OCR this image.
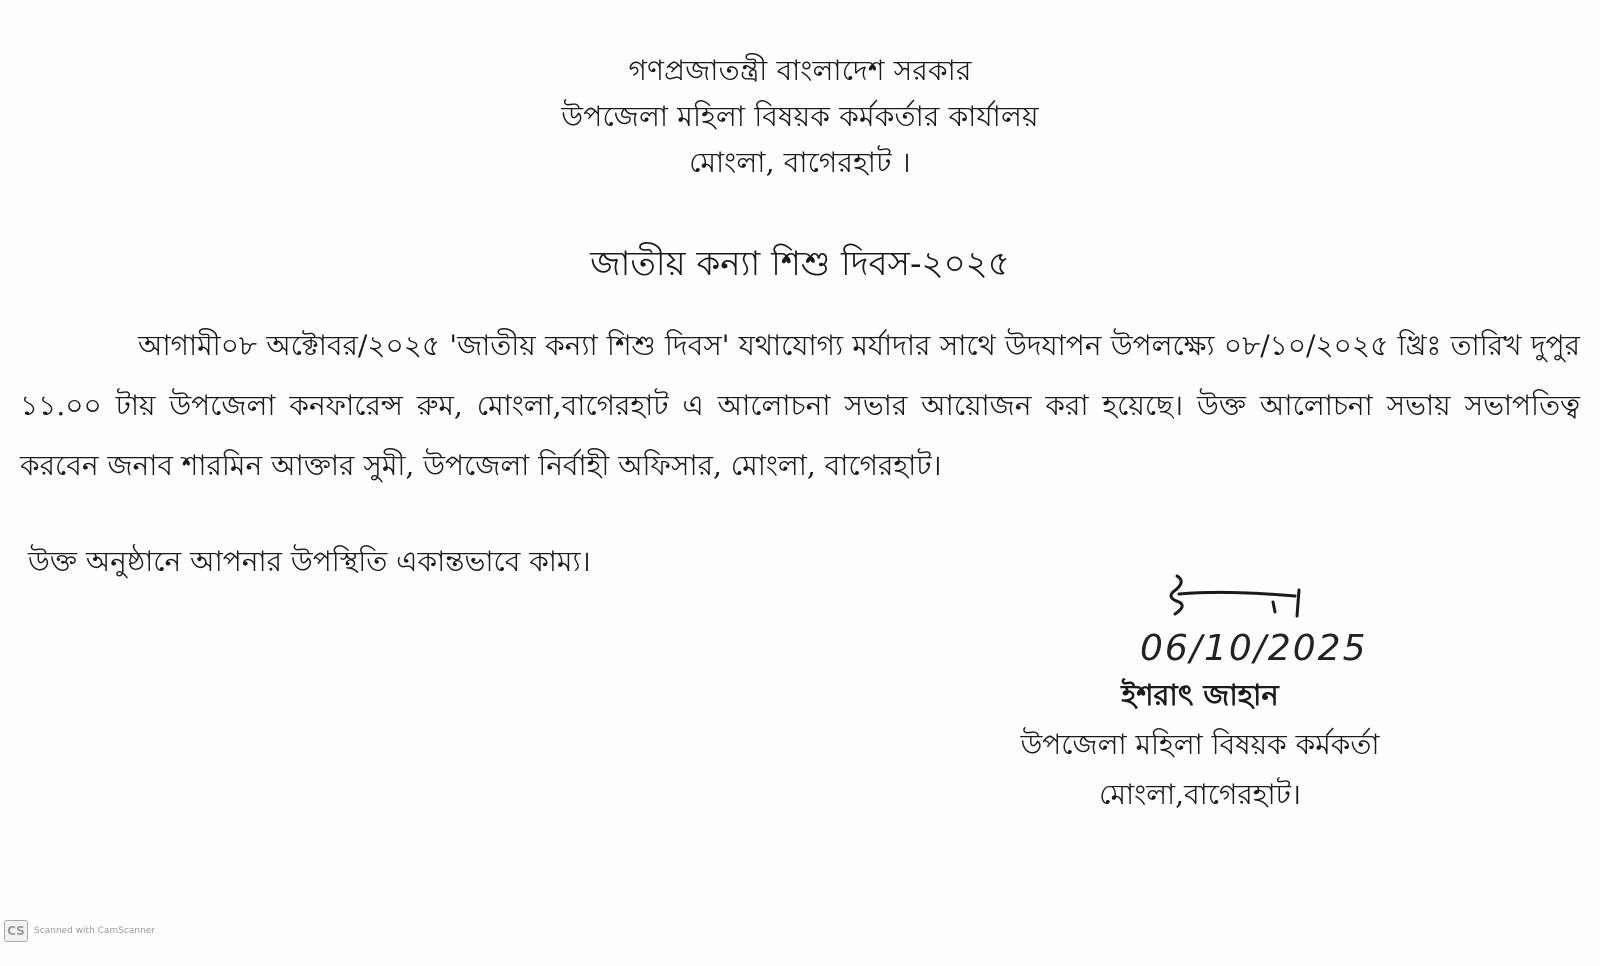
গণপ্রজাতন্ত্রী বাংলাদেশ সরকার
উপজেলা মহিলা বিষয়ক কর্মকর্তার কার্যালয়
মোংলা, বাগেরহাট ।
জাতীয় কন্যা শিশু দিবস-২০২৫
আগামী০৮ অক্টোবর/২০২৫ 'জাতীয় কন্যা শিশু দিবস' যথাযোগ্য মর্যাদার সাথে উদযাপন উপলক্ষ্যে ০৮/১০/২০২৫ খ্রিঃ তারিখ দুপুর ১১.০০ টায় উপজেলা কনফারেন্স রুম, মোংলা,বাগেরহাট এ আলোচনা সভার আয়োজন করা হয়েছে। উক্ত আলোচনা সভায় সভাপতিত্ব করবেন জনাব শারমিন আক্তার সুমী, উপজেলা নির্বাহী অফিসার, মোংলা, বাগেরহাট।
উক্ত অনুষ্ঠানে আপনার উপস্থিতি একান্তভাবে কাম্য।
06/10/2025
ইশরাৎ জাহান
উপজেলা মহিলা বিষয়ক কর্মকর্তা
মোংলা,বাগেরহাট।
CS	Scanned with CamScanner
